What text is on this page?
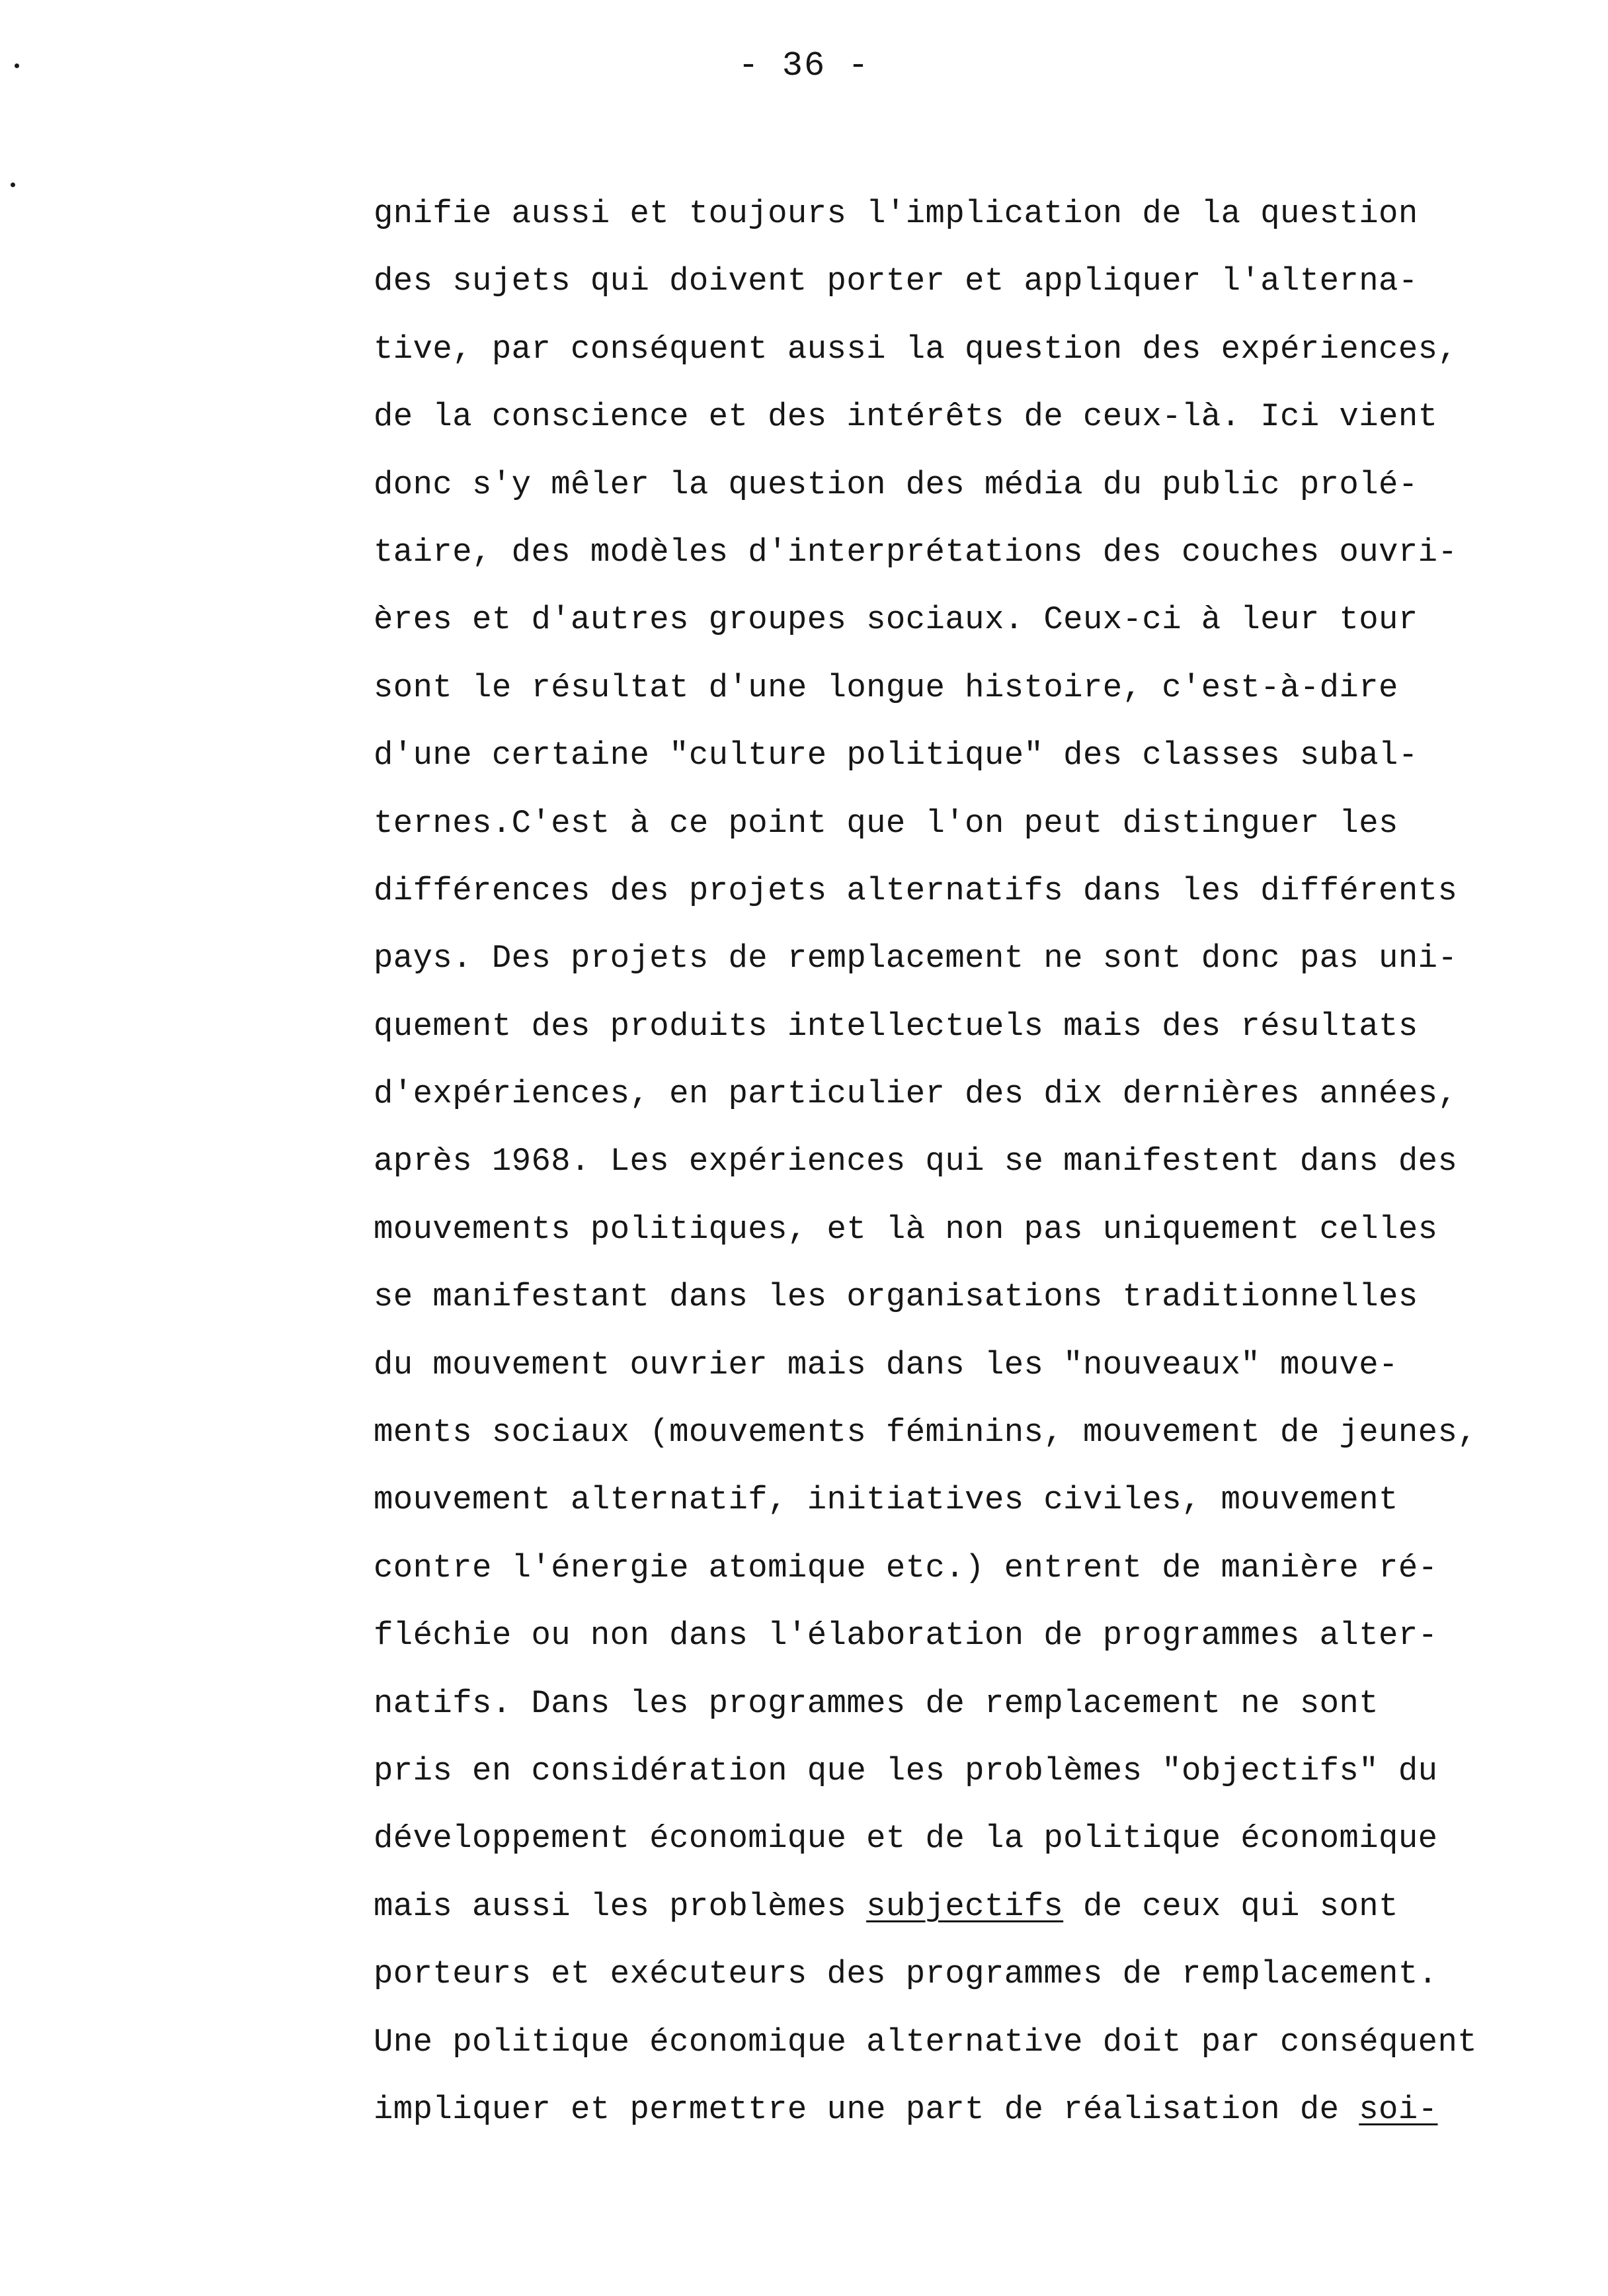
- 36 -
gnifie aussi et toujours l'implication de la question
des sujets qui doivent porter et appliquer l'alterna-
tive, par conséquent aussi la question des expériences,
de la conscience et des intérêts de ceux-là. Ici vient
donc s'y mêler la question des média du public prolé-
taire, des modèles d'interprétations des couches ouvri-
ères et d'autres groupes sociaux. Ceux-ci à leur tour
sont le résultat d'une longue histoire, c'est-à-dire
d'une certaine "culture politique" des classes subal-
ternes.C'est à ce point que l'on peut distinguer les
différences des projets alternatifs dans les différents
pays. Des projets de remplacement ne sont donc pas uni-
quement des produits intellectuels mais des résultats
d'expériences, en particulier des dix dernières années,
après 1968. Les expériences qui se manifestent dans des
mouvements politiques, et là non pas uniquement celles
se manifestant dans les organisations traditionnelles
du mouvement ouvrier mais dans les "nouveaux" mouve-
ments sociaux (mouvements féminins, mouvement de jeunes,
mouvement alternatif, initiatives civiles, mouvement
contre l'énergie atomique etc.) entrent de manière ré-
fléchie ou non dans l'élaboration de programmes alter-
natifs. Dans les programmes de remplacement ne sont
pris en considération que les problèmes "objectifs" du
développement économique et de la politique économique
mais aussi les problèmes subjectifs de ceux qui sont
porteurs et exécuteurs des programmes de remplacement.
Une politique économique alternative doit par conséquent
impliquer et permettre une part de réalisation de soi-
